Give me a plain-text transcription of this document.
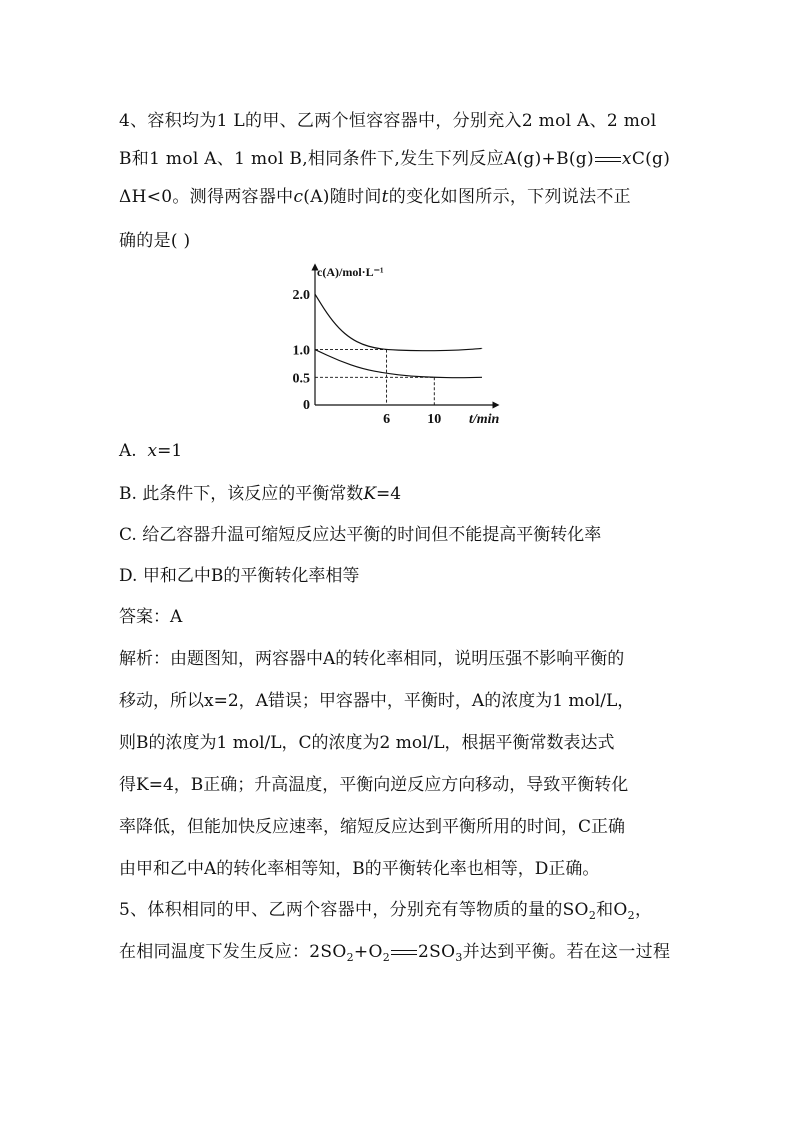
4、容积均为1 L的甲、乙两个恒容容器中，分别充入2 mol A、2 mol
B和1 mol A、1 mol B,相同条件下,发生下列反应A(g)+B(g) xC(g)
ΔH<0。测得两容器中c(A)随时间t的变化如图所示，下列说法不正
确的是( )
2.0
1.0
0.5
0
6	10
c(A)/mol·L⁻¹
t/min
A. x=1
B. 此条件下，该反应的平衡常数K=4
C. 给乙容器升温可缩短反应达平衡的时间但不能提高平衡转化率
D. 甲和乙中B的平衡转化率相等
答案：A
解析：由题图知，两容器中A的转化率相同，说明压强不影响平衡的
移动，所以x=2，A错误；甲容器中，平衡时，A的浓度为1 mol/L，
则B的浓度为1 mol/L，C的浓度为2 mol/L，根据平衡常数表达式
得K=4，B正确；升高温度，平衡向逆反应方向移动，导致平衡转化
率降低，但能加快反应速率，缩短反应达到平衡所用的时间，C正确
由甲和乙中A的转化率相等知，B的平衡转化率也相等，D正确。
5、体积相同的甲、乙两个容器中，分别充有等物质的量的$SO_2$和$O_2$，
在相同温度下发生反应：$2SO_2+O_2$ $2SO_3$并达到平衡。若在这一过程
